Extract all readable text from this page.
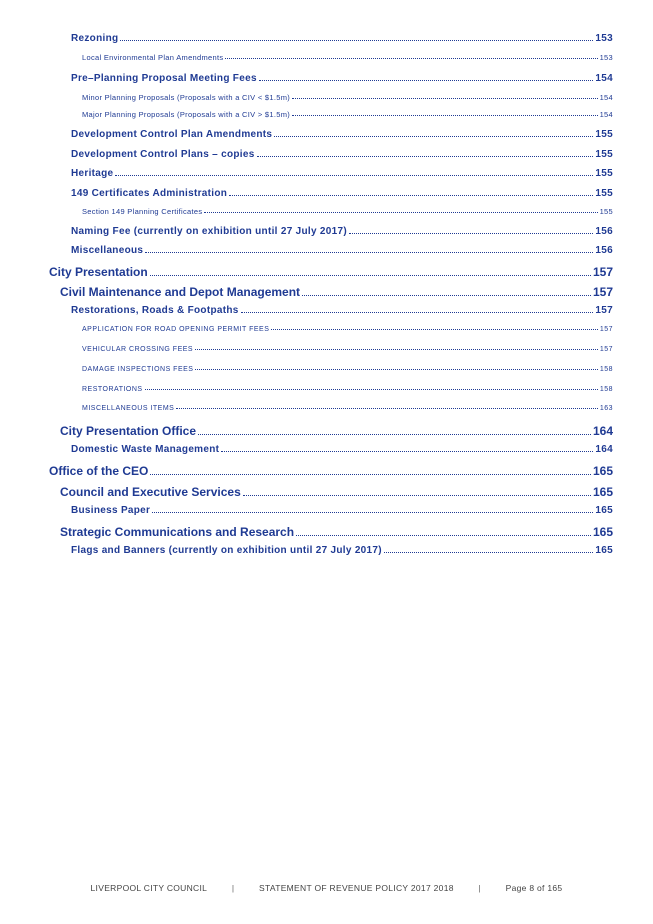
Rezoning	153
Local Environmental Plan Amendments	153
Pre–Planning Proposal Meeting Fees	154
Minor Planning Proposals (Proposals with a CIV < $1.5m)	154
Major Planning Proposals (Proposals with a CIV > $1.5m)	154
Development Control Plan Amendments	155
Development Control Plans – copies	155
Heritage	155
149 Certificates Administration	155
Section 149 Planning Certificates	155
Naming Fee (currently on exhibition until 27 July 2017)	156
Miscellaneous	156
City Presentation	157
Civil Maintenance and Depot Management	157
Restorations, Roads & Footpaths	157
APPLICATION FOR ROAD OPENING PERMIT FEES	157
VEHICULAR CROSSING FEES	157
DAMAGE INSPECTIONS FEES	158
RESTORATIONS	158
MISCELLANEOUS ITEMS	163
City Presentation Office	164
Domestic Waste Management	164
Office of the CEO	165
Council and Executive Services	165
Business Paper	165
Strategic Communications and Research	165
Flags and Banners (currently on exhibition until 27 July 2017)	165
LIVERPOOL CITY COUNCIL	|	STATEMENT OF REVENUE POLICY 2017 2018	|	Page 8 of 165
